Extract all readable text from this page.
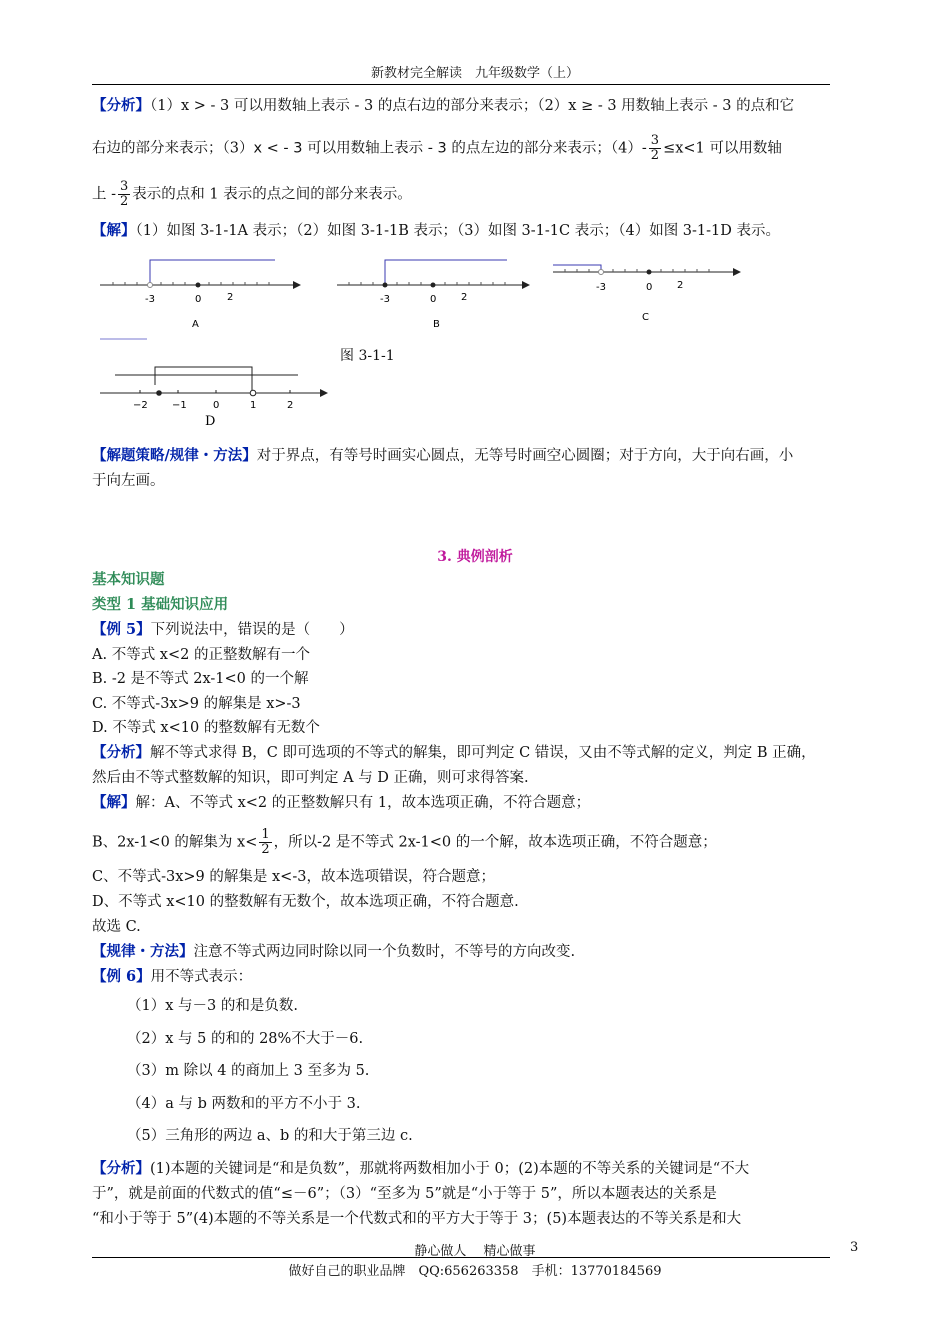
新教材完全解读　九年级数学（上）
【分析】（1）x > - 3 可以用数轴上表示 - 3 的点右边的部分来表示；（2）x ≥ - 3 用数轴上表示 - 3 的点和它
右边的部分来表示；（3）x < - 3 可以用数轴上表示 - 3 的点左边的部分来表示；$(4)- \frac{3}{2} \le x<1$ 可以用数轴
上 - $\frac{3}{2}$ 表示的点和 1 表示的点之间的部分来表示。
【解】（1）如图 3-1-1A 表示；（2）如图 3-1-1B 表示；（3）如图 3-1-1C 表示；（4）如图 3-1-1D 表示。
-3	0	2
A
-3	0 2
B
-3	0 2
C
图 3-1-1
−2 −1	0	1	2
D
【解题策略/规律・方法】对于界点，有等号时画实心圆点，无等号时画空心圆圈；对于方向，大于向右画，小
于向左画。
3. 典例剖析
基本知识题
类型 1 基础知识应用
【例 5】下列说法中，错误的是（　　）
A. 不等式 x<2 的正整数解有一个
B. -2 是不等式 2x-1<0 的一个解
C. 不等式-3x>9 的解集是 x>-3
D. 不等式 x<10 的整数解有无数个
【分析】解不等式求得 B，C 即可选项的不等式的解集，即可判定 C 错误，又由不等式解的定义，判定 B 正确，
然后由不等式整数解的知识，即可判定 A 与 D 正确，则可求得答案.
【解】解：A、不等式 x<2 的正整数解只有 1，故本选项正确，不符合题意；
B、2x-1<0 的解集为 $x< \frac{1}{2}$ ，所以-2 是不等式 2x-1<0 的一个解，故本选项正确，不符合题意；
C、不等式-3x>9 的解集是 x<-3，故本选项错误，符合题意；
D、不等式 x<10 的整数解有无数个，故本选项正确，不符合题意.
故选 C.
【规律・方法】注意不等式两边同时除以同一个负数时，不等号的方向改变.
【例 6】用不等式表示：
（1）x 与－3 的和是负数.
（2）x 与 5 的和的 28%不大于－6.
（3）m 除以 4 的商加上 3 至多为 5.
（4）a 与 b 两数和的平方不小于 3.
（5）三角形的两边 a、b 的和大于第三边 c.
【分析】(1)本题的关键词是“和是负数”，那就将两数相加小于 0；(2)本题的不等关系的关键词是“不大
于”，就是前面的代数式的值“≤－6”；（3）“至多为 5”就是“小于等于 5”，所以本题表达的关系是
“和小于等于 5”(4)本题的不等关系是一个代数式和的平方大于等于 3；(5)本题表达的不等关系是和大
静心做人　 精心做事	3
做好自己的职业品牌　QQ:656263358　手机：13770184569
